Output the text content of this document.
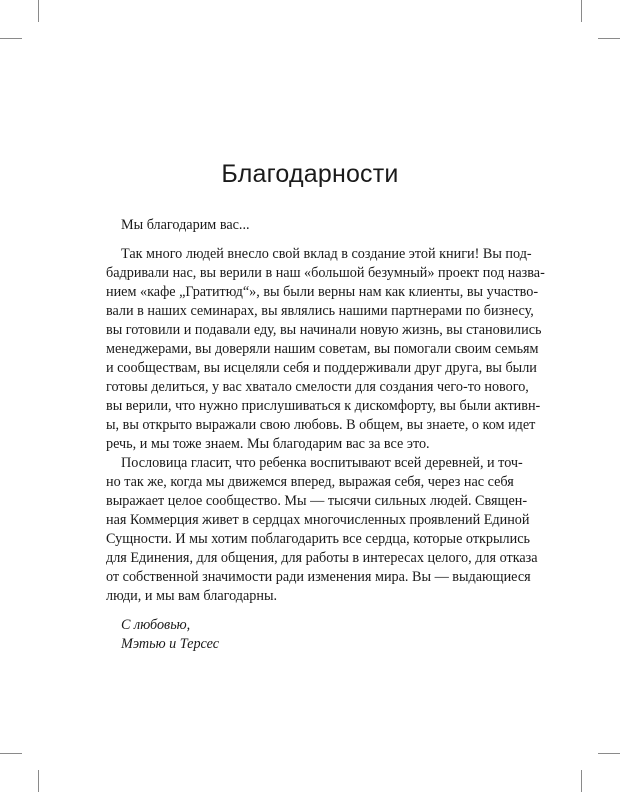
Благодарности
Мы благодарим вас...
Так много людей внесло свой вклад в создание этой книги! Вы под-
бадривали нас, вы верили в наш «большой безумный» проект под назва-
нием «кафе „Гратитюд“», вы были верны нам как клиенты, вы участво-
вали в наших семинарах, вы являлись нашими партнерами по бизнесу,
вы готовили и подавали еду, вы начинали новую жизнь, вы становились
менеджерами, вы доверяли нашим советам, вы помогали своим семьям
и сообществам, вы исцеляли себя и поддерживали друг друга, вы были
готовы делиться, у вас хватало смелости для создания чего-то нового,
вы верили, что нужно прислушиваться к дискомфорту, вы были активн-
ы, вы открыто выражали свою любовь. В общем, вы знаете, о ком идет
речь, и мы тоже знаем. Мы благодарим вас за все это.
Пословица гласит, что ребенка воспитывают всей деревней, и точ-
но так же, когда мы движемся вперед, выражая себя, через нас себя
выражает целое сообщество. Мы — тысячи сильных людей. Священ-
ная Коммерция живет в сердцах многочисленных проявлений Единой
Сущности. И мы хотим поблагодарить все сердца, которые открылись
для Единения, для общения, для работы в интересах целого, для отказа
от собственной значимости ради изменения мира. Вы — выдающиеся
люди, и мы вам благодарны.
С любовью,
Мэтью и Терсес
